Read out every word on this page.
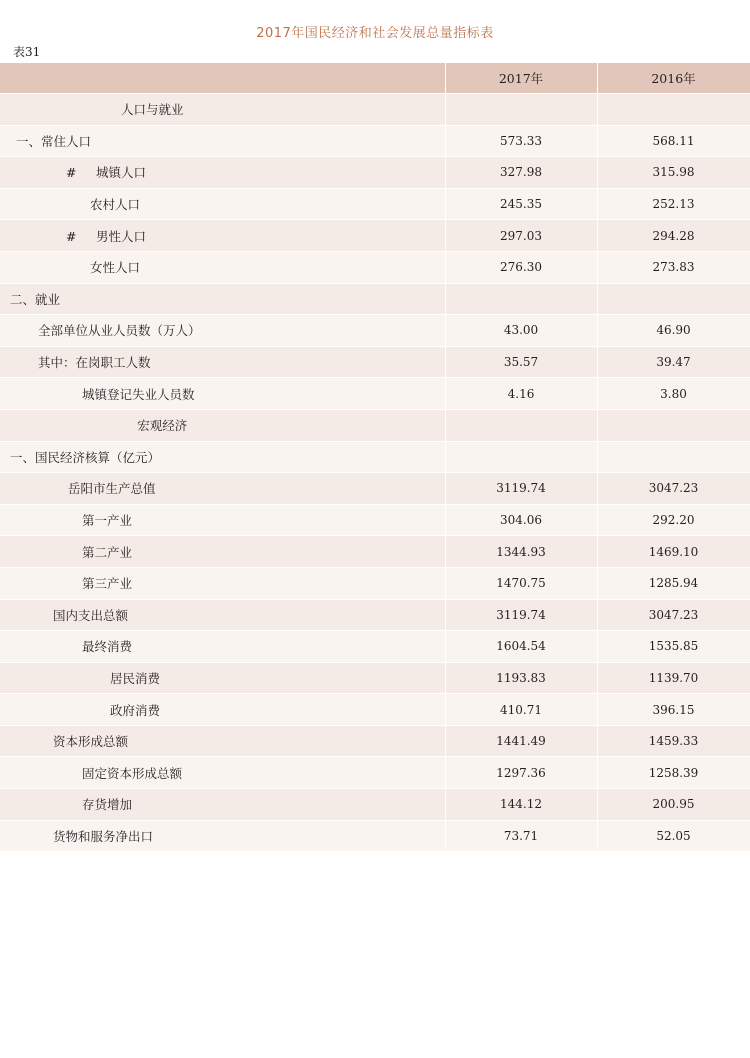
2017年国民经济和社会发展总量指标表
表31
	2017年	2016年

人口与就业		

一、常住人口	573.33	568.11

# 城镇人口	327.98	315.98

农村人口	245.35	252.13

# 男性人口	297.03	294.28

女性人口	276.30	273.83

二、就业		

全部单位从业人员数（万人）	43.00	46.90

其中：在岗职工人数	35.57	39.47

城镇登记失业人员数	4.16	3.80

宏观经济		

一、国民经济核算（亿元）		

岳阳市生产总值	3119.74	3047.23

第一产业	304.06	292.20

第二产业	1344.93	1469.10

第三产业	1470.75	1285.94

国内支出总额	3119.74	3047.23

最终消费	1604.54	1535.85

居民消费	1193.83	1139.70

政府消费	410.71	396.15

资本形成总额	1441.49	1459.33

固定资本形成总额	1297.36	1258.39

存货增加	144.12	200.95

货物和服务净出口	73.71	52.05
